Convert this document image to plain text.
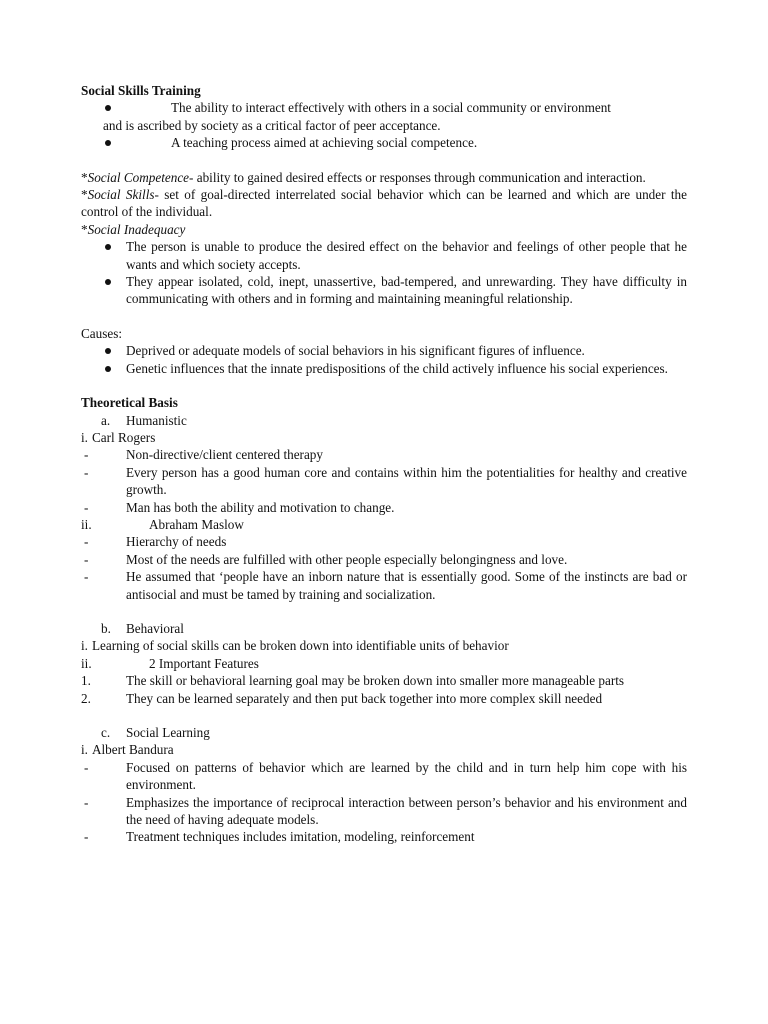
Social Skills Training
The ability to interact effectively with others in a social community or environment
and is ascribed by society as a critical factor of peer acceptance.
A teaching process aimed at achieving social competence.
*Social Competence- ability to gained desired effects or responses through communication and interaction.
*Social Skills- set of goal-directed interrelated social behavior which can be learned and which are under the control of the individual.
*Social Inadequacy
The person is unable to produce the desired effect on the behavior and feelings of other people that he wants and which society accepts.
They appear isolated, cold, inept, unassertive, bad-tempered, and unrewarding. They have difficulty in communicating with others and in forming and maintaining meaningful relationship.
Causes:
Deprived or adequate models of social behaviors in his significant figures of influence.
Genetic influences that the innate predispositions of the child actively influence his social experiences.
Theoretical Basis
a.	Humanistic
i. Carl Rogers
-	Non-directive/client centered therapy
-	Every person has a good human core and contains within him the potentialities for healthy and creative growth.
-	Man has both the ability and motivation to change.
ii.	Abraham Maslow
-	Hierarchy of needs
-	Most of the needs are fulfilled with other people especially belongingness and love.
-	He assumed that ‘people have an inborn nature that is essentially good. Some of the instincts are bad or antisocial and must be tamed by training and socialization.
b.	Behavioral
i. Learning of social skills can be broken down into identifiable units of behavior
ii.	2 Important Features
1.	The skill or behavioral learning goal may be broken down into smaller more manageable parts
2.	They can be learned separately and then put back together into more complex skill needed
c.	Social Learning
i. Albert Bandura
-	Focused on patterns of behavior which are learned by the child and in turn help him cope with his environment.
-	Emphasizes the importance of reciprocal interaction between person’s behavior and his environment and the need of having adequate models.
-	Treatment techniques includes imitation, modeling, reinforcement
